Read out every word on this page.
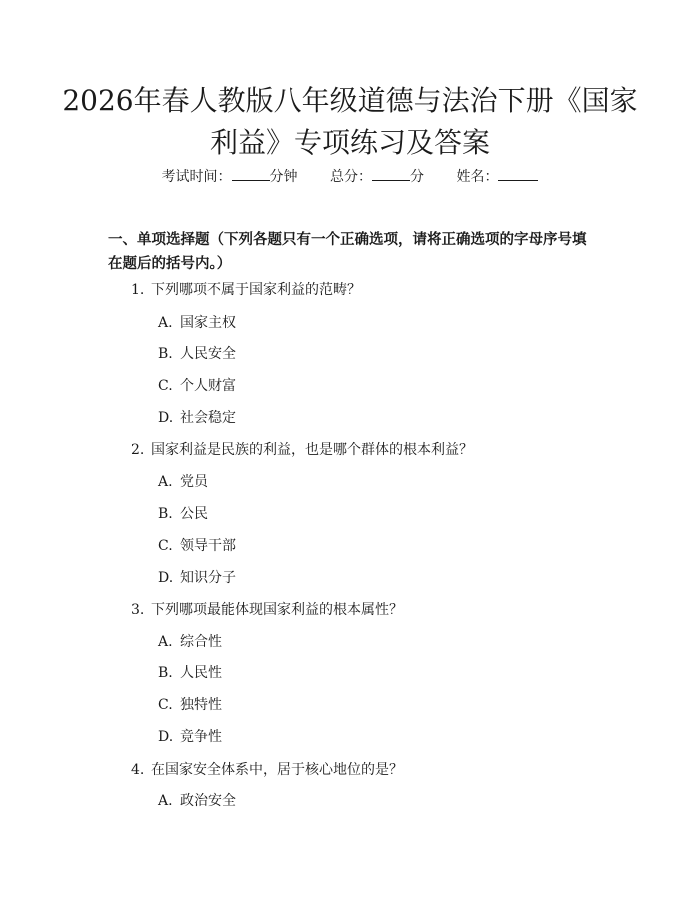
2026年春人教版八年级道德与法治下册《国家利益》专项练习及答案
考试时间：	分钟 总分：	分 姓名：

一、单项选择题（下列各题只有一个正确选项，请将正确选项的字母序号填在题后的括号内。）

1. 下列哪项不属于国家利益的范畴？

A. 国家主权

B. 人民安全

C. 个人财富

D. 社会稳定

2. 国家利益是民族的利益，也是哪个群体的根本利益？

A. 党员

B. 公民

C. 领导干部

D. 知识分子

3. 下列哪项最能体现国家利益的根本属性？

A. 综合性

B. 人民性

C. 独特性

D. 竞争性

4. 在国家安全体系中，居于核心地位的是？

A. 政治安全
